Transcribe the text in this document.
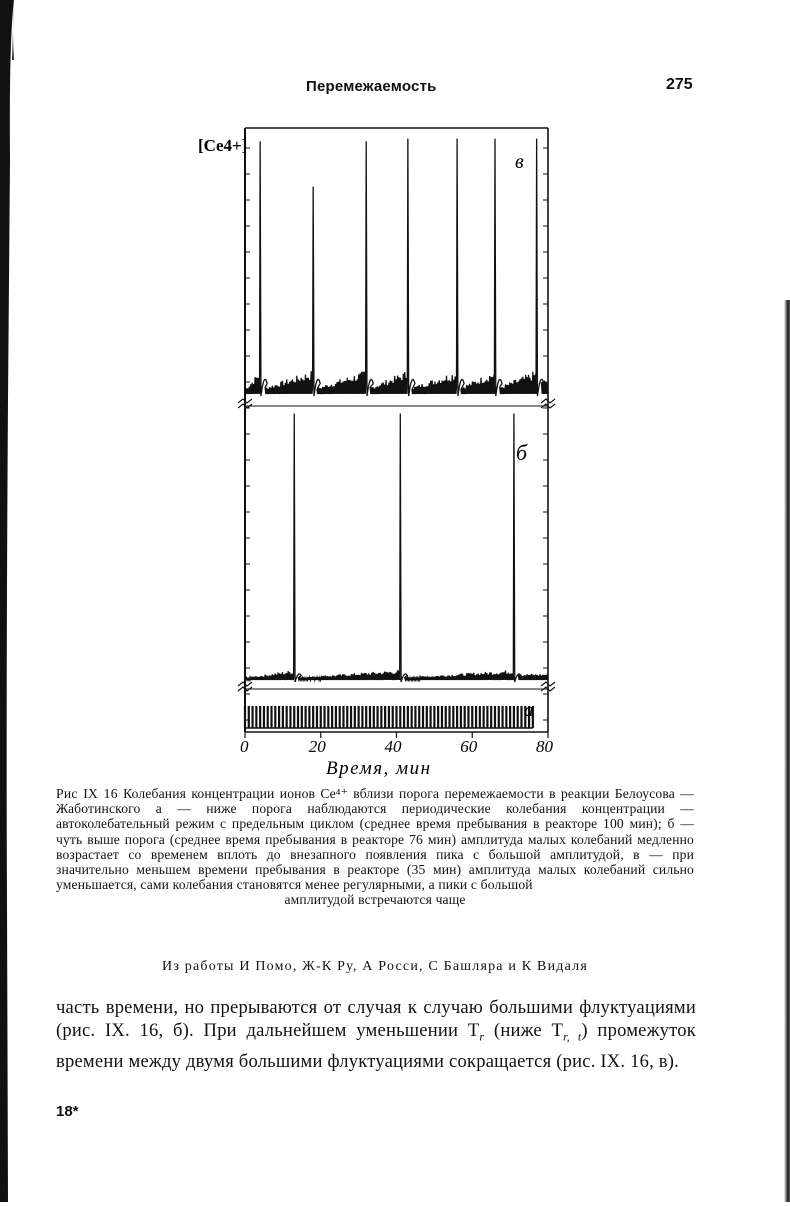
Перемежаемость	275
[Ce4+]
в
б
а
0	20	40	60	80
Время, мин
Рис IX 16 Колебания концентрации ионов Ce⁴⁺ вблизи порога перемежаемости в реакции Белоусова — Жаботинского а — ниже порога наблюдаются периодические колебания концентрации — автоколебательный режим с предельным циклом (среднее время пребывания в реакторе 100 мин); б — чуть выше порога (среднее время пребывания в реакторе 76 мин) амплитуда малых колебаний медленно возрастает со временем вплоть до внезапного появления пика с большой амплитудой, в — при значительно меньшем времени пребывания в реакторе (35 мин) амплитуда малых колебаний сильно уменьшается, сами колебания становятся менее регулярными, а пики с большой
амплитудой встречаются чаще
Из работы И Помо, Ж-К Ру, А Росси, С Башляра и К Видаля
часть времени, но прерываются от случая к случаю большими флуктуациями (рис. IX. 16, б). При дальнейшем уменьшении $T_r$ (ниже $T_{r, t}$) промежуток времени между двумя большими флуктуациями сокращается (рис. IX. 16, в).
18*
